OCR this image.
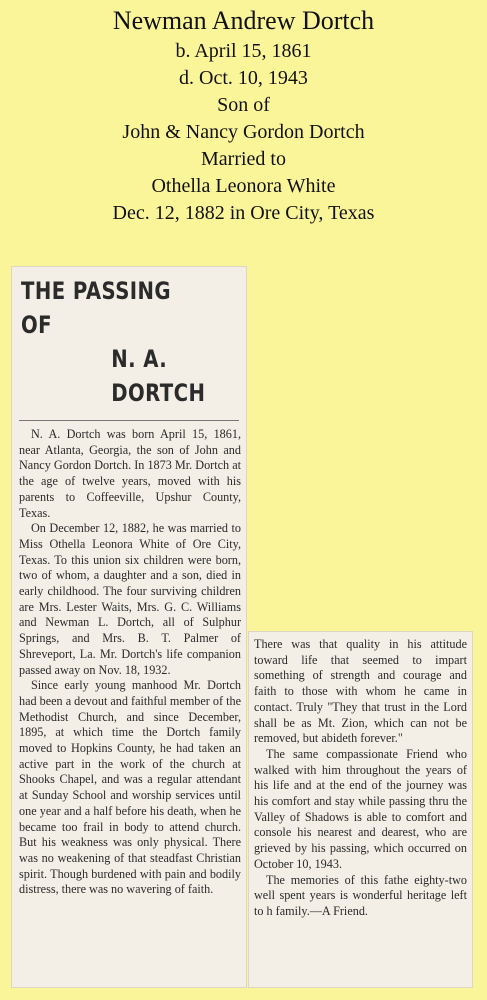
Newman Andrew Dortch
b. April 15, 1861
d. Oct. 10, 1943
Son of
John & Nancy Gordon Dortch
Married to
Othella Leonora White
Dec. 12, 1882 in Ore City, Texas
THE PASSING OF
N. A. DORTCH

N. A. Dortch was born April 15, 1861, near Atlanta, Georgia, the son of John and Nancy Gordon Dortch. In 1873 Mr. Dortch at the age of twelve years, moved with his parents to Coffeeville, Upshur County, Texas.

On December 12, 1882, he was married to Miss Othella Leonora White of Ore City, Texas. To this union six children were born, two of whom, a daughter and a son, died in early childhood. The four surviving children are Mrs. Lester Waits, Mrs. G. C. Williams and Newman L. Dortch, all of Sulphur Springs, and Mrs. B. T. Palmer of Shreveport, La. Mr. Dortch's life companion passed away on Nov. 18, 1932.

Since early young manhood Mr. Dortch had been a devout and faithful member of the Methodist Church, and since December, 1895, at which time the Dortch family moved to Hopkins County, he had taken an active part in the work of the church at Shooks Chapel, and was a regular attendant at Sunday School and worship services until one year and a half before his death, when he became too frail in body to attend church. But his weakness was only physical. There was no weakening of that steadfast Christian spirit. Though burdened with pain and bodily distress, there was no wavering of faith.

There was that quality in his attitude toward life that seemed to impart something of strength and courage and faith to those with whom he came in contact. Truly "They that trust in the Lord shall be as Mt. Zion, which can not be removed, but abideth forever."

The same compassionate Friend who walked with him throughout the years of his life and at the end of the journey was his comfort and stay while passing thru the Valley of Shadows is able to comfort and console his nearest and dearest, who are grieved by his passing, which occurred on October 10, 1943.

The memories of this fathe eighty-two well spent years is wonderful heritage left to h family.—A Friend.
